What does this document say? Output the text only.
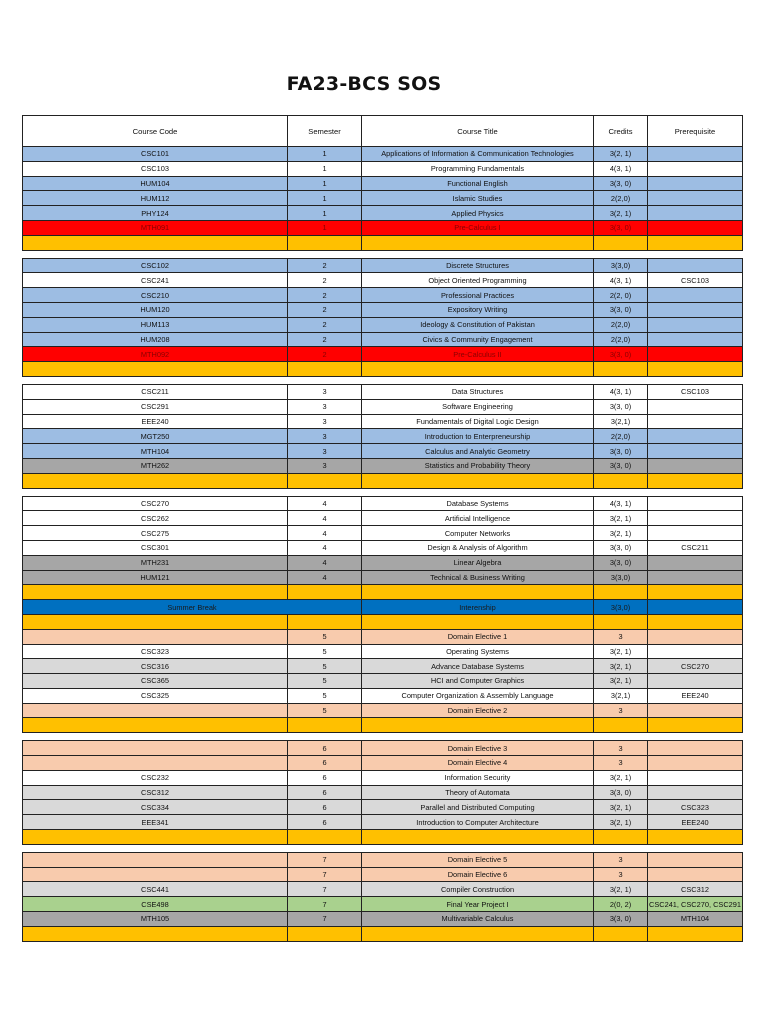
FA23-BCS SOS
Course Code	Semester	Course Title	Credits	Prerequisite
CSC101	1	Applications of Information & Communication Technologies	3(2, 1)	
CSC103	1	Programming Fundamentals	4(3, 1)	
HUM104	1	Functional English	3(3, 0)	
HUM112	1	Islamic Studies	2(2,0)	
PHY124	1	Applied Physics	3(2, 1)	
MTH091	1	Pre-Calculus I	3(3, 0)	

CSC102	2	Discrete Structures	3(3,0)	
CSC241	2	Object Oriented Programming	4(3, 1)	CSC103
CSC210	2	Professional Practices	2(2, 0)	
HUM120	2	Expository Writing	3(3, 0)	
HUM113	2	Ideology & Constitution of Pakistan	2(2,0)	
HUM208	2	Civics & Community Engagement	2(2,0)	
MTH092	2	Pre-Calculus II	3(3, 0)	

CSC211	3	Data Structures	4(3, 1)	CSC103
CSC291	3	Software Engineering	3(3, 0)	
EEE240	3	Fundamentals of Digital Logic Design	3(2,1)	
MGT250	3	Introduction to Enterpreneurship	2(2,0)	
MTH104	3	Calculus and Analytic Geometry	3(3, 0)	
MTH262	3	Statistics and Probability Theory	3(3, 0)	

CSC270	4	Database Systems	4(3, 1)	
CSC262	4	Artificial Intelligence	3(2, 1)	
CSC275	4	Computer Networks	3(2, 1)	
CSC301	4	Design & Analysis of Algorithm	3(3, 0)	CSC211
MTH231	4	Linear Algebra	3(3, 0)	
HUM121	4	Technical & Business Writing	3(3,0)	

Summer Break		Interenship	3(3,0)	

	5	Domain Elective 1	3	
CSC323	5	Operating Systems	3(2, 1)	
CSC316	5	Advance Database Systems	3(2, 1)	CSC270
CSC365	5	HCI and Computer Graphics	3(2, 1)	
CSC325	5	Computer Organization & Assembly Language	3(2,1)	EEE240
	5	Domain Elective 2	3	

	6	Domain Elective 3	3	
	6	Domain Elective 4	3	
CSC232	6	Information Security	3(2, 1)	
CSC312	6	Theory of Automata	3(3, 0)	
CSC334	6	Parallel and Distributed Computing	3(2, 1)	CSC323
EEE341	6	Introduction to Computer Architecture	3(2, 1)	EEE240

	7	Domain Elective 5	3	
	7	Domain Elective 6	3	
CSC441	7	Compiler Construction	3(2, 1)	CSC312
CSE498	7	Final Year Project I	2(0, 2)	CSC241, CSC270, CSC291
MTH105	7	Multivariable Calculus	3(3, 0)	MTH104
